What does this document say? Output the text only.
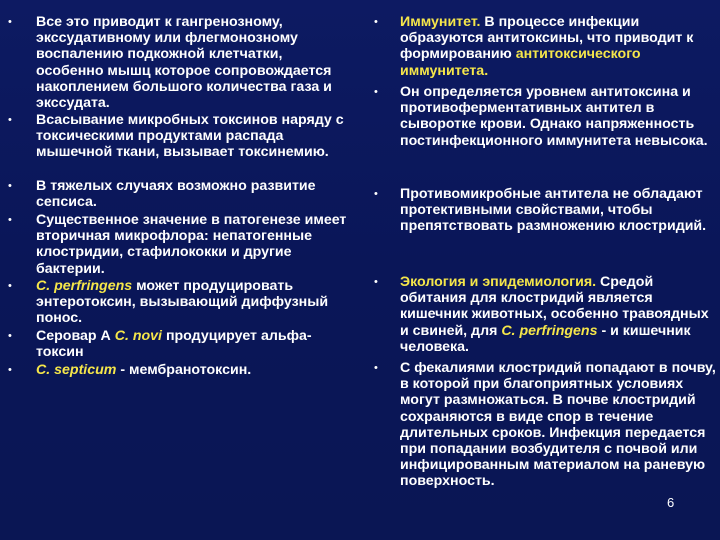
• Все это приводит к гангренозному, экссудативному или флегмонозному воспалению подкожной клетчатки, особенно мышц которое сопровождается накоплением большого количества газа и экссудата.
• Всасывание микробных токсинов наряду с токсическими продуктами распада мышечной ткани, вызывает токсинемию.
• В тяжелых случаях возможно развитие сепсиса.
• Существенное значение в патогенезе имеет вторичная микрофлора: непатогенные клостридии, стафилококки и другие бактерии.
• C. perfringens может продуцировать энтеротоксин, вызывающий диффузный понос.
• Серовар А C. novi продуцирует альфа-токсин
• C. septicum - мембранотоксин.
• Иммунитет. В процессе инфекции образуются антитоксины, что приводит к формированию антитоксического иммунитета.
• Он определяется уровнем антитоксина и противоферментативных антител в сыворотке крови. Однако напряженность постинфекционного иммунитета невысока.
• Противомикробные антитела не обладают протективными свойствами, чтобы препятствовать размножению клостридий.
• Экология и эпидемиология. Средой обитания для клостридий является кишечник животных, особенно травоядных и свиней, для C. perfringens - и кишечник человека.
• С фекалиями клостридий попадают в почву, в которой при благоприятных условиях могут размножаться. В почве клостридий сохраняются в виде спор в течение длительных сроков. Инфекция передается при попадании возбудителя с почвой или инфицированным материалом на раневую поверхность.
6
